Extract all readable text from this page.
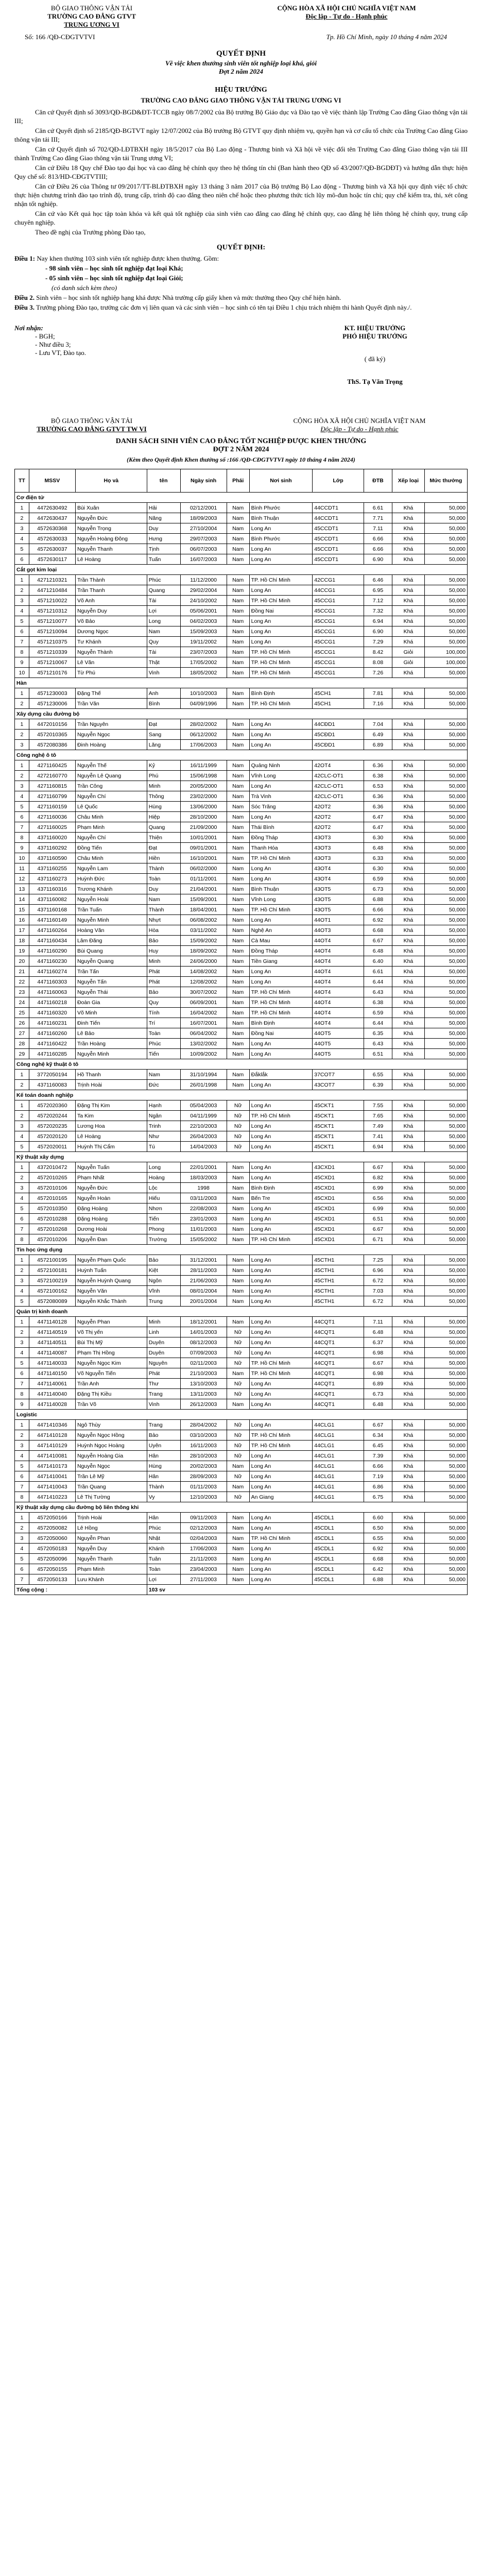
BỘ GIAO THÔNG VẬN TẢI
TRƯỜNG CAO ĐẲNG GTVT
TRUNG ƯƠNG VI
CỘNG HÒA XÃ HỘI CHỦ NGHĨA VIỆT NAM
Độc lập - Tự do - Hạnh phúc
Số: 166 /QĐ-CĐGTVTVI	Tp. Hồ Chí Minh, ngày 10 tháng 4 năm 2024
QUYẾT ĐỊNH
Về việc khen thưởng sinh viên tốt nghiệp loại khá, giỏi
Đợt 2 năm 2024
HIỆU TRƯỞNG
TRƯỜNG CAO ĐẲNG GIAO THÔNG VẬN TẢI TRUNG ƯƠNG VI

Căn cứ Quyết định số 3093/QĐ-BGD&ĐT-TCCB ngày 08/7/2002 của Bộ trưởng Bộ Giáo dục và Đào tạo về việc thành lập Trường Cao đẳng Giao thông vận tải III;

Căn cứ Quyết định số 2185/QĐ-BGTVT ngày 12/07/2002 của Bộ trưởng Bộ GTVT quy định nhiệm vụ, quyền hạn và cơ cấu tổ chức của Trường Cao đẳng Giao thông vận tải III;

Căn cứ Quyết định số 702/QĐ-LĐTBXH ngày 18/5/2017 của Bộ Lao động - Thương binh và Xã hội về việc đổi tên Trường Cao đẳng Giao thông vận tải III thành Trường Cao đẳng Giao thông vận tải Trung ương VI;

Căn cứ Điều 18 Quy chế Đào tạo đại học và cao đẳng hệ chính quy theo hệ thống tín chỉ (Ban hành theo QĐ số 43/2007/QĐ-BGDĐT) và hướng dẫn thực hiện Quy chế số: 813/HD-CĐGTVTIII;

Căn cứ Điều 26 của Thông tư 09/2017/TT-BLĐTBXH ngày 13 tháng 3 năm 2017 của Bộ trưởng Bộ Lao động - Thương binh và Xã hội quy định việc tổ chức thực hiện chương trình đào tạo trình độ, trung cấp, trình độ cao đẳng theo niên chế hoặc theo phương thức tích lũy mô-đun hoặc tín chỉ; quy chế kiểm tra, thi, xét công nhận tốt nghiệp.

Căn cứ vào Kết quả học tập toàn khóa và kết quả tốt nghiệp của sinh viên cao đẳng cao đẳng hệ chính quy, cao đẳng hệ liên thông hệ chính quy, trung cấp chuyên nghiệp.

Theo đề nghị của Trưởng phòng Đào tạo,

QUYẾT ĐỊNH:
Điều 1: Nay khen thưởng 103 sinh viên tốt nghiệp được khen thưởng. Gồm:
- 98 sinh viên – học sinh tốt nghiệp đạt loại Khá;
- 05 sinh viên – học sinh tốt nghiệp đạt loại Giỏi;
(có danh sách kèm theo)
Điều 2. Sinh viên – học sinh tốt nghiệp hạng khá được Nhà trường cấp giấy khen và mức thưởng theo Quy chế hiện hành.
Điều 3. Trưởng phòng Đào tạo, trưởng các đơn vị liên quan và các sinh viên – học sinh có tên tại Điều 1 chịu trách nhiệm thi hành Quyết định này./.
Nơi nhận:
- BGH;
- Như điều 3;
- Lưu VT, Đào tạo.
KT. HIỆU TRƯỞNG
PHÓ HIỆU TRƯỞNG
( đã ký)
ThS. Tạ Văn Trọng
BỘ GIAO THÔNG VẬN TẢI
TRƯỜNG CAO ĐẲNG GTVT TW VI
CỘNG HÒA XÃ HỘI CHỦ NGHĨA VIỆT NAM
Độc lập - Tự do - Hạnh phúc
DANH SÁCH SINH VIÊN CAO ĐẲNG TỐT NGHIỆP ĐƯỢC KHEN THƯỞNG
ĐỢT 2 NĂM 2024
(Kèm theo Quyết định Khen thưởng số :166 /QĐ-CĐGTVTVI ngày 10 tháng 4 năm 2024)
TT	MSSV	Họ và	tên	Ngày sinh	Phái	Nơi sinh	Lớp	ĐTB	Xếp loại	Mức thưởng
Cơ điện tử										
1	4472630492	Bùi Xuân	Hải	02/12/2001	Nam	Bình Phước	44CCDT1	6.61	Khá	50,000
2	4472630437	Nguyễn Đức	Năng	18/09/2003	Nam	Bình Thuận	44CCDT1	7.71	Khá	50,000
3	4572630368	Nguyễn Trọng	Duy	27/10/2004	Nam	Long An	45CCDT1	7.11	Khá	50,000
4	4572630033	Nguyễn Hoàng Đông	Hưng	29/07/2003	Nam	Bình Phước	45CCDT1	6.66	Khá	50,000
5	4572630037	Nguyễn Thanh	Tịnh	06/07/2003	Nam	Long An	45CCDT1	6.66	Khá	50,000
6	4572630117	Lê Hoàng	Tuấn	16/07/2003	Nam	Long An	45CCDT1	6.90	Khá	50,000
Cắt gọt kim loại										
1	4271210321	Trần Thành	Phúc	11/12/2000	Nam	TP. Hồ Chí Minh	42CCG1	6.46	Khá	50,000
2	4471210484	Trần Thanh	Quang	29/02/2004	Nam	Long An	44CCG1	6.95	Khá	50,000
3	4571210022	Võ Anh	Tài	24/10/2002	Nam	TP. Hồ Chí Minh	45CCG1	7.12	Khá	50,000
4	4571210312	Nguyễn Duy	Lợi	05/06/2001	Nam	Đồng Nai	45CCG1	7.32	Khá	50,000
5	4571210077	Võ Bảo	Long	04/02/2003	Nam	Long An	45CCG1	6.94	Khá	50,000
6	4571210094	Dương Ngọc	Nam	15/09/2003	Nam	Long An	45CCG1	6.90	Khá	50,000
7	4571210375	Tư Khánh	Quy	19/11/2002	Nam	Long An	45CCG1	7.29	Khá	50,000
8	4571210339	Nguyễn Thành	Tài	23/07/2003	Nam	TP. Hồ Chí Minh	45CCG1	8.42	Giỏi	100,000
9	4571210067	Lê Văn	Thật	17/05/2002	Nam	TP. Hồ Chí Minh	45CCG1	8.08	Giỏi	100,000
10	4571210176	Từ Phú	Vinh	18/05/2002	Nam	TP. Hồ Chí Minh	45CCG1	7.26	Khá	50,000
Hàn										
1	4571230003	Đặng Thế	Anh	10/10/2003	Nam	Bình Định	45CH1	7.81	Khá	50,000
2	4571230006	Trần Văn	Bình	04/09/1996	Nam	TP. Hồ Chí Minh	45CH1	7.16	Khá	50,000
Xây dựng cầu đường bộ										
1	4472010156	Trần Nguyên	Đạt	28/02/2002	Nam	Long An	44CĐD1	7.04	Khá	50,000
2	4572010365	Nguyễn Ngọc	Sang	06/12/2002	Nam	Long An	45CĐD1	6.49	Khá	50,000
3	4572080386	Đinh Hoàng	Lăng	17/06/2003	Nam	Long An	45CĐD1	6.89	Khá	50,000
Công nghệ ô tô										
1	4271160425	Nguyễn Thế	Kỷ	16/11/1999	Nam	Quảng Ninh	42OT4	6.36	Khá	50,000
2	4272160770	Nguyễn Lê Quang	Phú	15/06/1998	Nam	Vĩnh Long	42CLC-OT1	6.38	Khá	50,000
3	4271160815	Trần Công	Minh	20/05/2000	Nam	Long An	42CLC-OT1	6.53	Khá	50,000
4	4271160799	Nguyễn Chí	Thông	23/02/2000	Nam	Trà Vinh	42CLC-OT1	6.36	Khá	50,000
5	4271160159	Lê Quốc	Hùng	13/06/2000	Nam	Sóc Trăng	42OT2	6.36	Khá	50,000
6	4271160036	Châu Minh	Hiệp	28/10/2000	Nam	Long An	42OT2	6.47	Khá	50,000
7	4271160025	Phạm Minh	Quang	21/09/2000	Nam	Thái Bình	42OT2	6.47	Khá	50,000
8	4371160020	Nguyễn Chí	Thiện	10/01/2001	Nam	Đồng Tháp	43OT3	6.30	Khá	50,000
9	4371160292	Đồng Tiến	Đạt	09/01/2001	Nam	Thanh Hóa	43OT3	6.48	Khá	50,000
10	4371160590	Châu Minh	Hiền	16/10/2001	Nam	TP. Hồ Chí Minh	43OT3	6.33	Khá	50,000
11	4371160255	Nguyễn Lam	Thành	06/02/2000	Nam	Long An	43OT4	6.30	Khá	50,000
12	4371160273	Huỳnh Đức	Toàn	01/11/2001	Nam	Long An	43OT4	6.59	Khá	50,000
13	4371160316	Trương Khánh	Duy	21/04/2001	Nam	Bình Thuận	43OT5	6.73	Khá	50,000
14	4371160082	Nguyễn Hoài	Nam	15/09/2001	Nam	Vĩnh Long	43OT5	6.88	Khá	50,000
15	4371160168	Trần Tuấn	Thành	18/04/2001	Nam	TP. Hồ Chí Minh	43OT5	6.66	Khá	50,000
16	4471160149	Nguyễn Minh	Nhựt	06/08/2002	Nam	Long An	44OT1	6.92	Khá	50,000
17	4471160264	Hoàng Văn	Hòa	03/11/2002	Nam	Nghệ An	44OT3	6.68	Khá	50,000
18	4471160434	Lâm Đăng	Bảo	15/09/2002	Nam	Cà Mau	44OT4	6.67	Khá	50,000
19	4471160290	Bùi Quang	Huy	18/09/2002	Nam	Đồng Tháp	44OT4	6.48	Khá	50,000
20	4471160230	Nguyễn Quang	Minh	24/06/2000	Nam	Tiền Giang	44OT4	6.40	Khá	50,000
21	4471160274	Trần Tấn	Phát	14/08/2002	Nam	Long An	44OT4	6.61	Khá	50,000
22	4471160303	Nguyễn Tấn	Phát	12/08/2002	Nam	Long An	44OT4	6.44	Khá	50,000
23	4471160063	Nguyễn Thái	Bảo	30/07/2002	Nam	TP. Hồ Chí Minh	44OT4	6.43	Khá	50,000
24	4471160218	Đoàn Gia	Quy	06/09/2001	Nam	TP. Hồ Chí Minh	44OT4	6.38	Khá	50,000
25	4471160320	Võ Minh	Tính	16/04/2002	Nam	TP. Hồ Chí Minh	44OT4	6.59	Khá	50,000
26	4471160231	Đinh Tiến	Trí	16/07/2001	Nam	Bình Định	44OT4	6.44	Khá	50,000
27	4471160260	Lê Bảo	Toàn	06/04/2002	Nam	Đồng Nai	44OT5	6.35	Khá	50,000
28	4471160422	Trần Hoàng	Phúc	13/02/2002	Nam	Long An	44OT5	6.43	Khá	50,000
29	4471160285	Nguyễn Minh	Tiến	10/09/2002	Nam	Long An	44OT5	6.51	Khá	50,000
Công nghệ kỹ thuật ô tô										
1	3772050194	Hồ Thanh	Nam	31/10/1994	Nam	Đắklắk	37COT7	6.55	Khá	50,000
2	4371160083	Trịnh Hoài	Đức	26/01/1998	Nam	Long An	43COT7	6.39	Khá	50,000
Kế toán doanh nghiệp										
1	4572020360	Đặng Thị Kim	Hạnh	05/04/2003	Nữ	Long An	45CKT1	7.55	Khá	50,000
2	4572020244	Ta Kim	Ngân	04/11/1999	Nữ	TP. Hồ Chí Minh	45CKT1	7.65	Khá	50,000
3	4572020235	Lương Hoa	Trinh	22/10/2003	Nữ	Long An	45CKT1	7.49	Khá	50,000
4	4572020120	Lê Hoàng	Như	26/04/2003	Nữ	Long An	45CKT1	7.41	Khá	50,000
5	4572020011	Huỳnh Thị Cẩm	Tú	14/04/2003	Nữ	Long An	45CKT1	6.94	Khá	50,000
Kỹ thuật xây dựng										
1	4372010472	Nguyễn Tuấn	Long	22/01/2001	Nam	Long An	43CXD1	6.67	Khá	50,000
2	4572010265	Phạm Nhất	Hoàng	18/03/2003	Nam	Long An	45CXD1	6.82	Khá	50,000
3	4572010106	Nguyễn Đức	Lộc	1998	Nam	Bình Định	45CXD1	6.99	Khá	50,000
4	4572010165	Nguyễn Hoàn	Hiếu	03/11/2003	Nam	Bến Tre	45CXD1	6.56	Khá	50,000
5	4572010350	Đặng Hoàng	Nhơn	22/08/2003	Nam	Long An	45CXD1	6.99	Khá	50,000
6	4572010288	Đặng Hoàng	Tiến	23/01/2003	Nam	Long An	45CXD1	6.51	Khá	50,000
7	4572010268	Dương Hoài	Phong	11/01/2003	Nam	Long An	45CXD1	6.67	Khá	50,000
8	4572010206	Nguyễn Đan	Trường	15/05/2002	Nam	TP. Hồ Chí Minh	45CXD1	6.71	Khá	50,000
Tin học ứng dụng										
1	4572100195	Nguyễn Phạm Quốc	Bảo	31/12/2001	Nam	Long An	45CTH1	7.25	Khá	50,000
2	4572100181	Huỳnh Tuấn	Kiệt	28/11/2003	Nam	Long An	45CTH1	6.96	Khá	50,000
3	4572100219	Nguyễn Huỳnh Quang	Ngôn	21/06/2003	Nam	Long An	45CTH1	6.72	Khá	50,000
4	4572100162	Nguyễn Văn	Vĩnh	08/01/2004	Nam	Long An	45CTH1	7.03	Khá	50,000
5	4572080089	Nguyễn Khắc Thành	Trung	20/01/2004	Nam	Long An	45CTH1	6.72	Khá	50,000
Quản trị kinh doanh										
1	4471140128	Nguyễn Phan	Minh	18/12/2001	Nam	Long An	44CQT1	7.11	Khá	50,000
2	4471140519	Võ Thị yến	Linh	14/01/2003	Nữ	Long An	44CQT1	6.48	Khá	50,000
3	4471140511	Bùi Thị Mỹ	Duyên	08/12/2003	Nữ	Long An	44CQT1	6.37	Khá	50,000
4	4471140087	Phạm Thị Hồng	Duyên	07/09/2003	Nữ	Long An	44CQT1	6.98	Khá	50,000
5	4471140033	Nguyễn Ngọc Kim	Nguyên	02/11/2003	Nữ	TP. Hồ Chí Minh	44CQT1	6.67	Khá	50,000
6	4471140150	Võ Nguyễn Tiến	Phát	21/10/2003	Nam	TP. Hồ Chí Minh	44CQT1	6.98	Khá	50,000
7	4471140061	Trần Anh	Thư	13/10/2003	Nữ	Long An	44CQT1	6.89	Khá	50,000
8	4471140040	Đặng Thị Kiều	Trang	13/11/2003	Nữ	Long An	44CQT1	6.73	Khá	50,000
9	4471140028	Trần Võ	Vinh	26/12/2003	Nam	Long An	44CQT1	6.48	Khá	50,000
Logistic										
1	4471410346	Ngô Thùy	Trang	28/04/2002	Nữ	Long An	44CLG1	6.67	Khá	50,000
2	4471410128	Nguyễn Ngọc Hồng	Bảo	03/10/2003	Nữ	TP. Hồ Chí Minh	44CLG1	6.34	Khá	50,000
3	4471410129	Huỳnh Ngọc Hoàng	Uyên	16/11/2003	Nữ	TP. Hồ Chí Minh	44CLG1	6.45	Khá	50,000
4	4471410081	Nguyễn Hoàng Gia	Hân	28/10/2003	Nữ	Long An	44CLG1	7.39	Khá	50,000
5	4471410173	Nguyễn Ngọc	Hùng	20/02/2003	Nam	Long An	44CLG1	6.66	Khá	50,000
6	4471410041	Trần Lê Mỹ	Hân	28/09/2003	Nữ	Long An	44CLG1	7.19	Khá	50,000
7	4471410043	Trần Quang	Thành	01/11/2003	Nam	Long An	44CLG1	6.86	Khá	50,000
8	4471410223	Lê Thị Tường	Vy	12/10/2003	Nữ	An Giang	44CLG1	6.75	Khá	50,000
Kỹ thuật xây dựng cầu đường bộ liên thông khi										
1	4572050166	Trịnh Hoài	Hân	09/11/2003	Nam	Long An	45CDL1	6.60	Khá	50,000
2	4572050082	Lê Hồng	Phúc	02/12/2003	Nam	Long An	45CDL1	6.50	Khá	50,000
3	4572050060	Nguyễn Phan	Nhật	02/04/2003	Nam	TP. Hồ Chí Minh	45CDL1	6.55	Khá	50,000
4	4572050183	Nguyễn Duy	Khánh	17/06/2003	Nam	Long An	45CDL1	6.92	Khá	50,000
5	4572050096	Nguyễn Thanh	Tuân	21/11/2003	Nam	Long An	45CDL1	6.68	Khá	50,000
6	4572050155	Phạm Minh	Toàn	23/04/2003	Nam	Long An	45CDL1	6.42	Khá	50,000
7	4572050133	Lưu Khánh	Lợi	27/11/2003	Nam	Long An	45CDL1	6.88	Khá	50,000
Tổng cộng :			103 sv							
